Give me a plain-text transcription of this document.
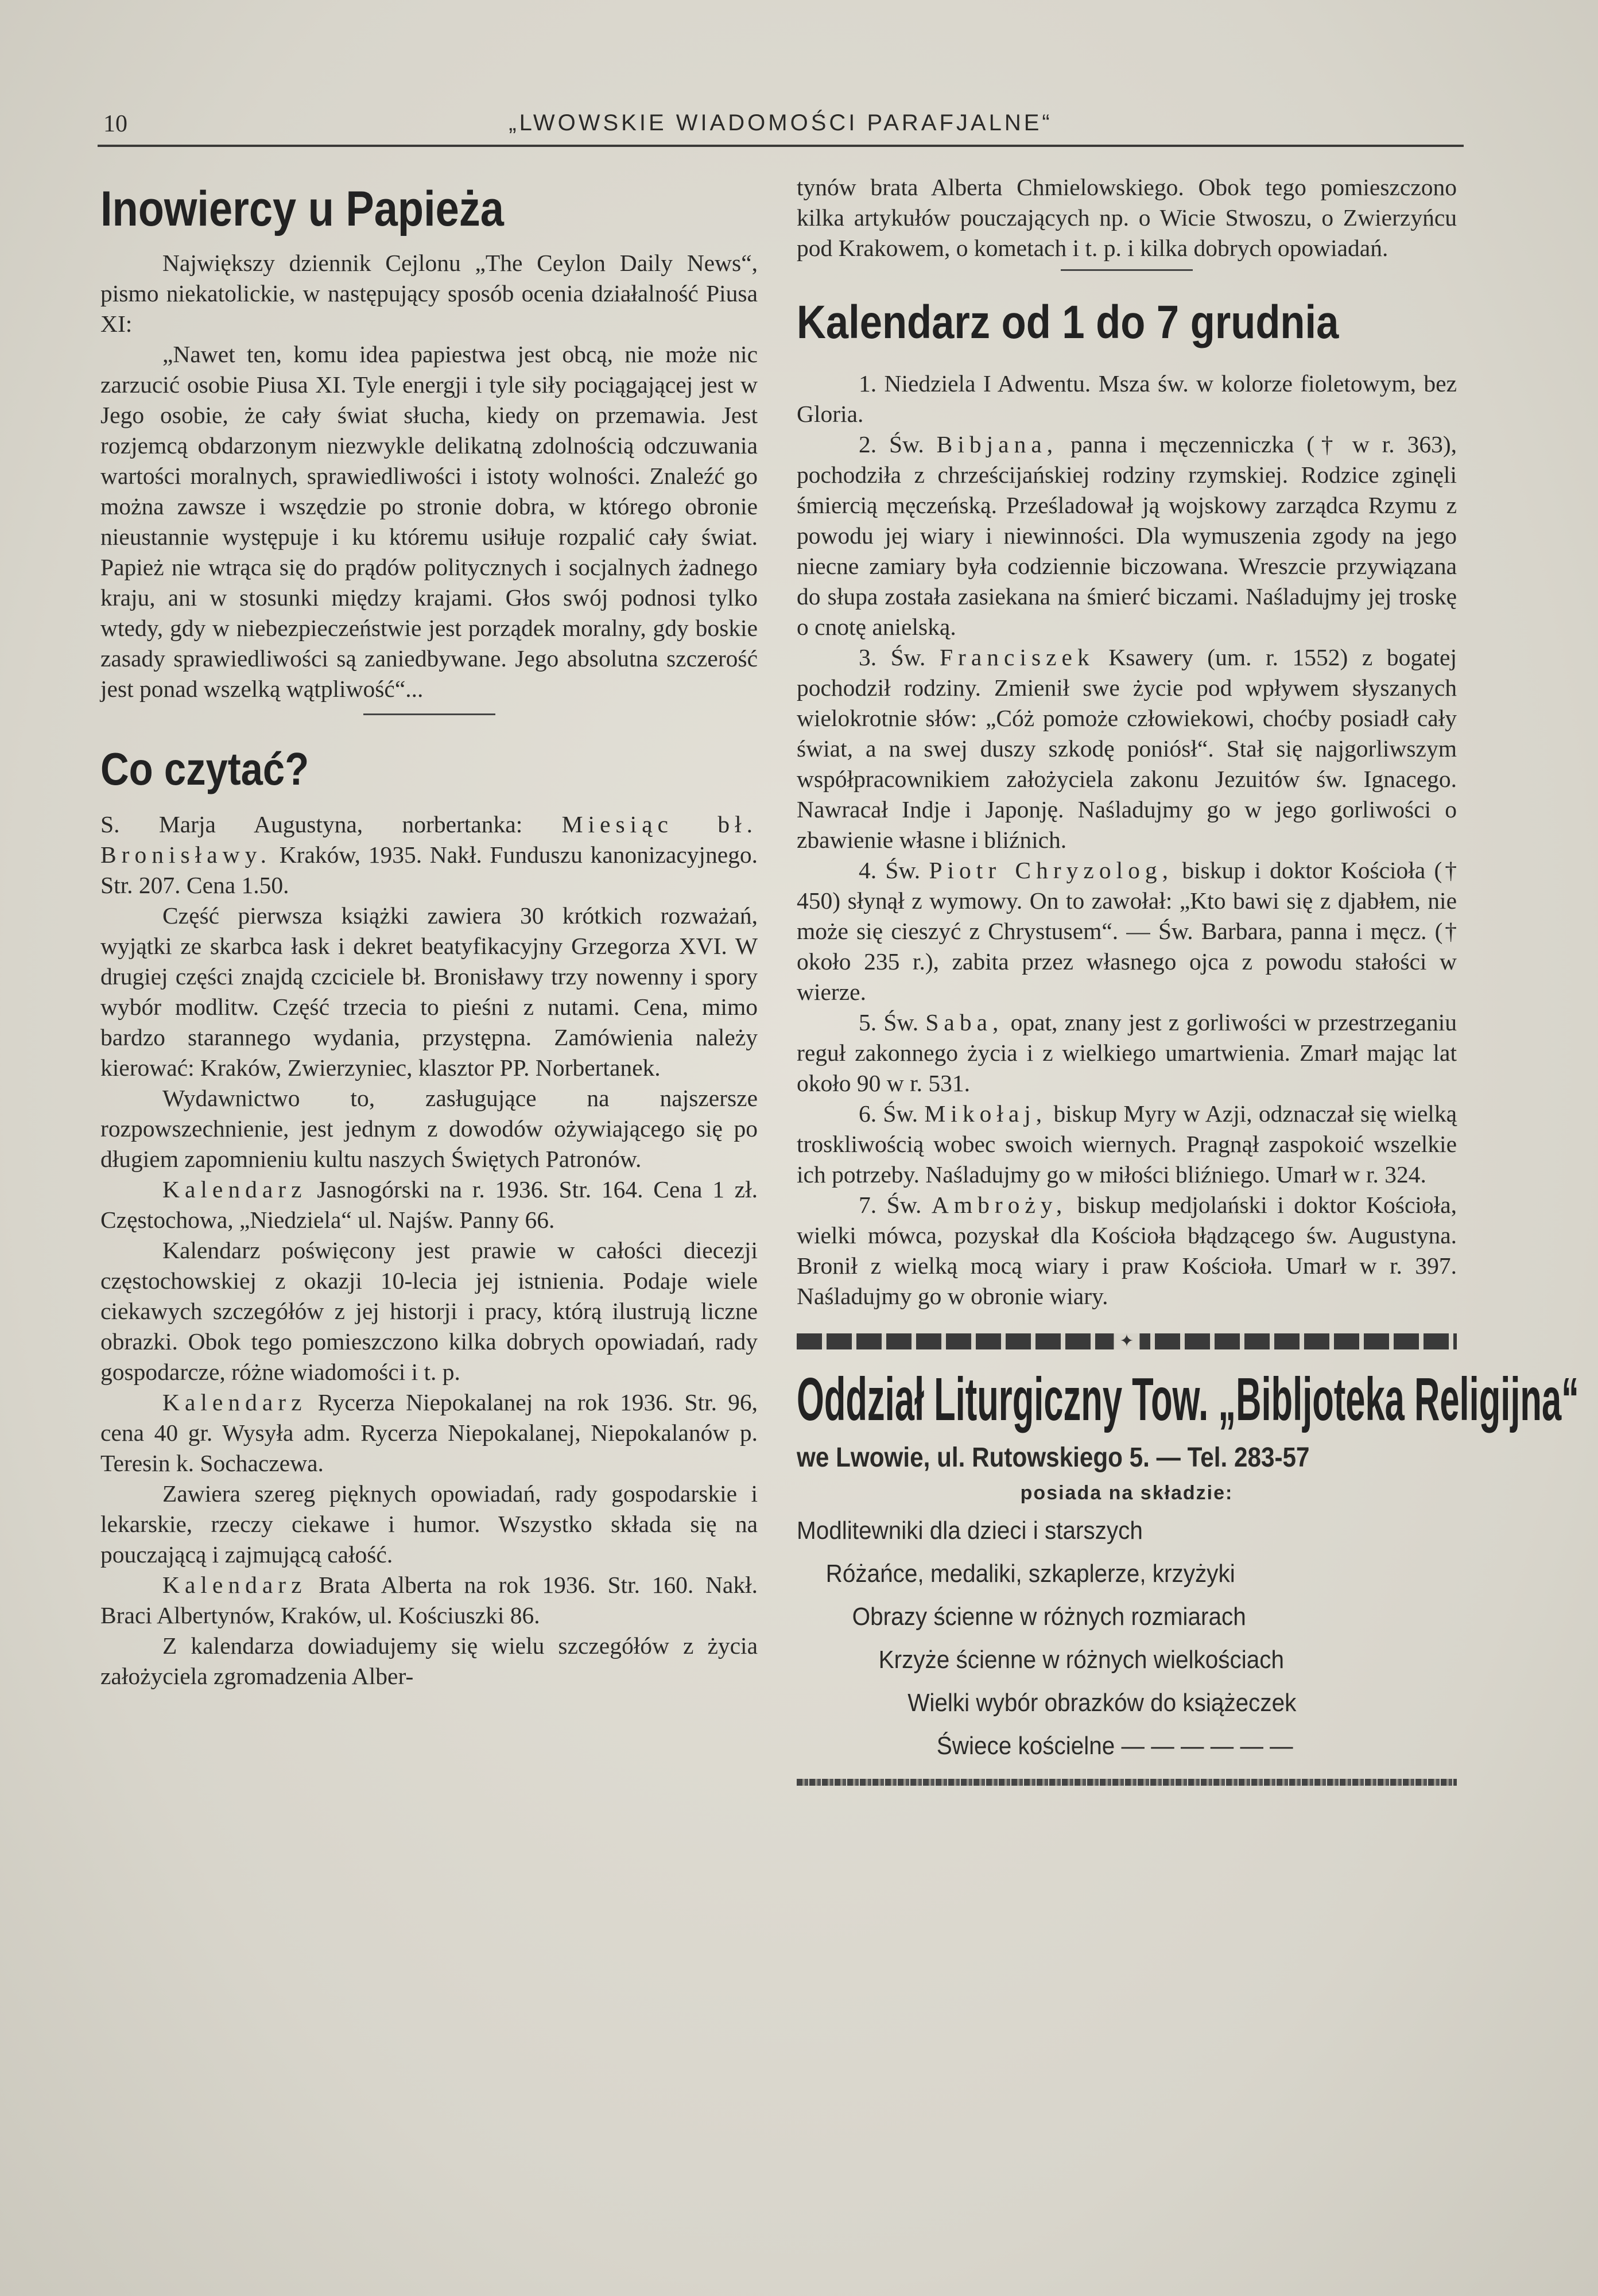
10	„LWOWSKIE WIADOMOŚCI PARAFJALNE“
Inowiercy u Papieża

Największy dziennik Cejlonu „The Ceylon Daily News“, pismo niekatolickie, w następujący sposób ocenia działalność Piusa XI:

„Nawet ten, komu idea papiestwa jest obcą, nie może nic zarzucić osobie Piusa XI. Tyle energji i tyle siły pociągającej jest w Jego osobie, że cały świat słucha, kiedy on przemawia. Jest rozjemcą obdarzonym niezwykle delikatną zdolnością odczuwania wartości moralnych, sprawiedliwości i istoty wolności. Znaleźć go można zawsze i wszędzie po stronie dobra, w którego obronie nieustannie występuje i ku któremu usiłuje rozpalić cały świat. Papież nie wtrąca się do prądów politycznych i socjalnych żadnego kraju, ani w stosunki między krajami. Głos swój podnosi tylko wtedy, gdy w niebezpieczeństwie jest porządek moralny, gdy boskie zasady sprawiedliwości są zaniedbywane. Jego absolutna szczerość jest ponad wszelką wątpliwość“...

Co czytać?

S. Marja Augustyna, norbertanka: Miesiąc bł. Bronisławy. Kraków, 1935. Nakł. Funduszu kanonizacyjnego. Str. 207. Cena 1.50.

Część pierwsza książki zawiera 30 krótkich rozważań, wyjątki ze skarbca łask i dekret beatyfikacyjny Grzegorza XVI. W drugiej części znajdą czciciele bł. Bronisławy trzy nowenny i spory wybór modlitw. Część trzecia to pieśni z nutami. Cena, mimo bardzo starannego wydania, przystępna. Zamówienia należy kierować: Kraków, Zwierzyniec, klasztor PP. Norbertanek.

Wydawnictwo to, zasługujące na najszersze rozpowszechnienie, jest jednym z dowodów ożywiającego się po długiem zapomnieniu kultu naszych Świętych Patronów.

Kalendarz Jasnogórski na r. 1936. Str. 164. Cena 1 zł. Częstochowa, „Niedziela“ ul. Najśw. Panny 66.

Kalendarz poświęcony jest prawie w całości diecezji częstochowskiej z okazji 10-lecia jej istnienia. Podaje wiele ciekawych szczegółów z jej historji i pracy, którą ilustrują liczne obrazki. Obok tego pomieszczono kilka dobrych opowiadań, rady gospodarcze, różne wiadomości i t. p.

Kalendarz Rycerza Niepokalanej na rok 1936. Str. 96, cena 40 gr. Wysyła adm. Rycerza Niepokalanej, Niepokalanów p. Teresin k. Sochaczewa.

Zawiera szereg pięknych opowiadań, rady gospodarskie i lekarskie, rzeczy ciekawe i humor. Wszystko składa się na pouczającą i zajmującą całość.

Kalendarz Brata Alberta na rok 1936. Str. 160. Nakł. Braci Albertynów, Kraków, ul. Kościuszki 86.

Z kalendarza dowiadujemy się wielu szczegółów z życia założyciela zgromadzenia Alber-

tynów brata Alberta Chmielowskiego. Obok tego pomieszczono kilka artykułów pouczających np. o Wicie Stwoszu, o Zwierzyńcu pod Krakowem, o kometach i t. p. i kilka dobrych opowiadań.

Kalendarz od 1 do 7 grudnia

1. Niedziela I Adwentu. Msza św. w kolorze fioletowym, bez Gloria.

2. Św. Bibjana, panna i męczenniczka († w r. 363), pochodziła z chrześcijańskiej rodziny rzymskiej. Rodzice zginęli śmiercią męczeńską. Prześladował ją wojskowy zarządca Rzymu z powodu jej wiary i niewinności. Dla wymuszenia zgody na jego niecne zamiary była codziennie biczowana. Wreszcie przywiązana do słupa została zasiekana na śmierć biczami. Naśladujmy jej troskę o cnotę anielską.

3. Św. Franciszek Ksawery (um. r. 1552) z bogatej pochodził rodziny. Zmienił swe życie pod wpływem słyszanych wielokrotnie słów: „Cóż pomoże człowiekowi, choćby posiadł cały świat, a na swej duszy szkodę poniósł“. Stał się najgorliwszym współpracownikiem założyciela zakonu Jezuitów św. Ignacego. Nawracał Indje i Japonję. Naśladujmy go w jego gorliwości o zbawienie własne i bliźnich.

4. Św. Piotr Chryzolog, biskup i doktor Kościoła († 450) słynął z wymowy. On to zawołał: „Kto bawi się z djabłem, nie może się cieszyć z Chrystusem“. — Św. Barbara, panna i męcz. († około 235 r.), zabita przez własnego ojca z powodu stałości w wierze.

5. Św. Saba, opat, znany jest z gorliwości w przestrzeganiu reguł zakonnego życia i z wielkiego umartwienia. Zmarł mając lat około 90 w r. 531.

6. Św. Mikołaj, biskup Myry w Azji, odznaczał się wielką troskliwością wobec swoich wiernych. Pragnął zaspokoić wszelkie ich potrzeby. Naśladujmy go w miłości bliźniego. Umarł w r. 324.

7. Św. Ambroży, biskup medjolański i doktor Kościoła, wielki mówca, pozyskał dla Kościoła błądzącego św. Augustyna. Bronił z wielką mocą wiary i praw Kościoła. Umarł w r. 397. Naśladujmy go w obronie wiary.

✦
Oddział Liturgiczny Tow. „Bibljoteka Religijna“
we Lwowie, ul. Rutowskiego 5. — Tel. 283-57
posiada na składzie:
Modlitewniki dla dzieci i starszych
Różańce, medaliki, szkaplerze, krzyżyki
Obrazy ścienne w różnych rozmiarach
Krzyże ścienne w różnych wielkościach
Wielki wybór obrazków do książeczek
Świece kościelne — — — — — —
